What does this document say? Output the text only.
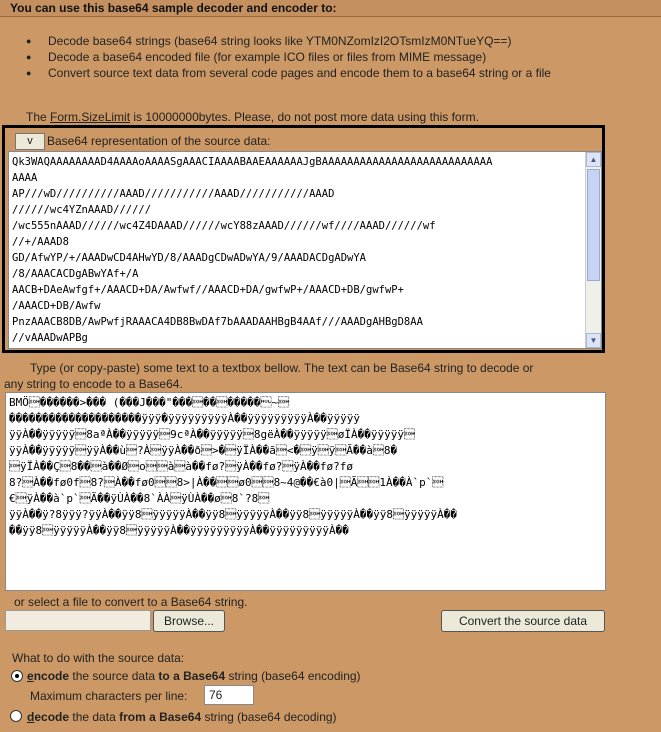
You can use this base64 sample decoder and encoder to:
● Decode base64 strings (base64 string looks like YTM0NZomIzI2OTsmIzM0NTueYQ==)
● Decode a base64 encoded file (for example ICO files or files from MIME message)
● Convert source text data from several code pages and encode them to a base64 string or a file
The Form.SizeLimit is 10000000bytes. Please, do not post more data using this form.
v	Base64 representation of the source data:
Qk3WAQAAAAAAAAD4AAAAoAAAASgAAACIAAAABAAEAAAAAAJgBAAAAAAAAAAAAAAAAAAAAAAAAAAA
AAAA
AP///wD//////////AAAD///////////AAAD///////////AAAD
//////wc4YZnAAAD//////
/wc555nAAAD//////wc4Z4DAAAD//////wcY88zAAAD//////wf////AAAD//////wf
//+/AAAD8
GD/AfwYP/+/AAADwCD4AHwYD/8/AAADgCDwADwYA/9/AAADACDgADwYA
/8/AAACACDgABwYAf+/A
AACB+DAeAwfgf+/AAACD+DA/Awfwf//AAACD+DA/gwfwP+/AAACD+DB/gwfwP+
/AAACD+DB/Awfw
PnzAAACB8DB/AwPwfjRAAACA4DB8BwDAf7bAAADAAHBgB4AAf///AAADgAHBgD8AA
//vAAADwAPBg
▲
▼
Type (or copy-paste) some text to a textbox bellow. The text can be Base64 string to decode or
any string to encode to a Base64.
BMÖ������>��� (���J���"���������� ~
��������������������ÿÿÿ�ÿÿÿÿÿÿÿÿÿÀ��ÿÿÿÿÿÿÿÿÿÀ��ÿÿÿÿÿ
ÿÿÀ��ÿÿÿÿÿ8aªÀ��ÿÿÿÿÿ9cªÀ��ÿÿÿÿÿ8gëÀ��ÿÿÿÿÿøÏÀ��ÿÿÿÿÿ
ÿÿÀ��ÿÿÿÿÿÿÿÀ��ù?ÀÿÿÀ��ð>�ÿÏÀ��ã<�ÿÿÃ��à8�
ÿÏÀ��Ç8��à��Øoàà��fø?ÿÀ��fø?ÿÀ��fø?fø
8?À��fø0f8?À��fø08>|À��ø08~4@��€à0|Ã1À��À`p`
€ÿÀ��à`p`Ã��ÿÙÀ��8`ÀÀÿÙÀ��ø8`?8
ÿÿÀ��ÿ?8ÿÿÿ?ÿÿÀ��ÿÿ8ÿÿÿÿÿÀ��ÿÿ8ÿÿÿÿÿÀ��ÿÿ8ÿÿÿÿÿÀ��ÿÿ8ÿÿÿÿÿÀ��
��ÿÿ8ÿÿÿÿÿÀ��ÿÿ8ÿÿÿÿÿÀ��ÿÿÿÿÿÿÿÿÿÀ��ÿÿÿÿÿÿÿÿÿÀ��
or select a file to convert to a Base64 string.
Browse...	Convert the source data
What to do with the source data:
encode the source data to a Base64 string (base64 encoding)
Maximum characters per line:	76
decode the data from a Base64 string (base64 decoding)
